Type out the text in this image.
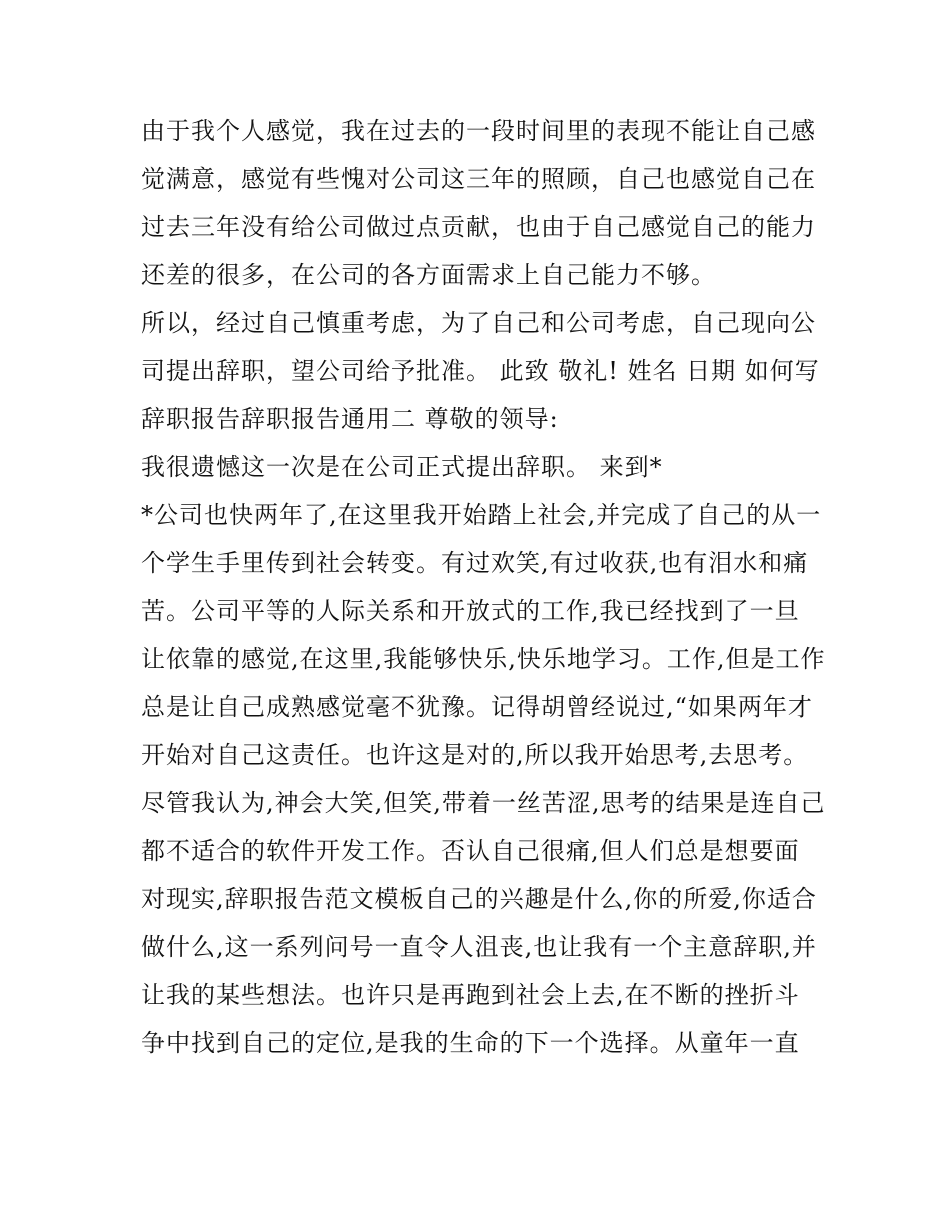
由于我个人感觉，我在过去的一段时间里的表现不能让自己感
觉满意，感觉有些愧对公司这三年的照顾，自己也感觉自己在
过去三年没有给公司做过点贡献，也由于自己感觉自己的能力
还差的很多，在公司的各方面需求上自己能力不够。
所以，经过自己慎重考虑，为了自己和公司考虑，自己现向公
司提出辞职，望公司给予批准。 此致 敬礼! 姓名 日期 如何写
辞职报告辞职报告通用二 尊敬的领导:
我很遗憾这一次是在公司正式提出辞职。 来到*
*公司也快两年了,在这里我开始踏上社会,并完成了自己的从一
个学生手里传到社会转变。有过欢笑,有过收获,也有泪水和痛
苦。公司平等的人际关系和开放式的工作,我已经找到了一旦
让依靠的感觉,在这里,我能够快乐,快乐地学习。工作,但是工作
总是让自己成熟感觉毫不犹豫。记得胡曾经说过,“如果两年才
开始对自己这责任。也许这是对的,所以我开始思考,去思考。
尽管我认为,神会大笑,但笑,带着一丝苦涩,思考的结果是连自己
都不适合的软件开发工作。否认自己很痛,但人们总是想要面
对现实,辞职报告范文模板自己的兴趣是什么,你的所爱,你适合
做什么,这一系列问号一直令人沮丧,也让我有一个主意辞职,并
让我的某些想法。也许只是再跑到社会上去,在不断的挫折斗
争中找到自己的定位,是我的生命的下一个选择。从童年一直
